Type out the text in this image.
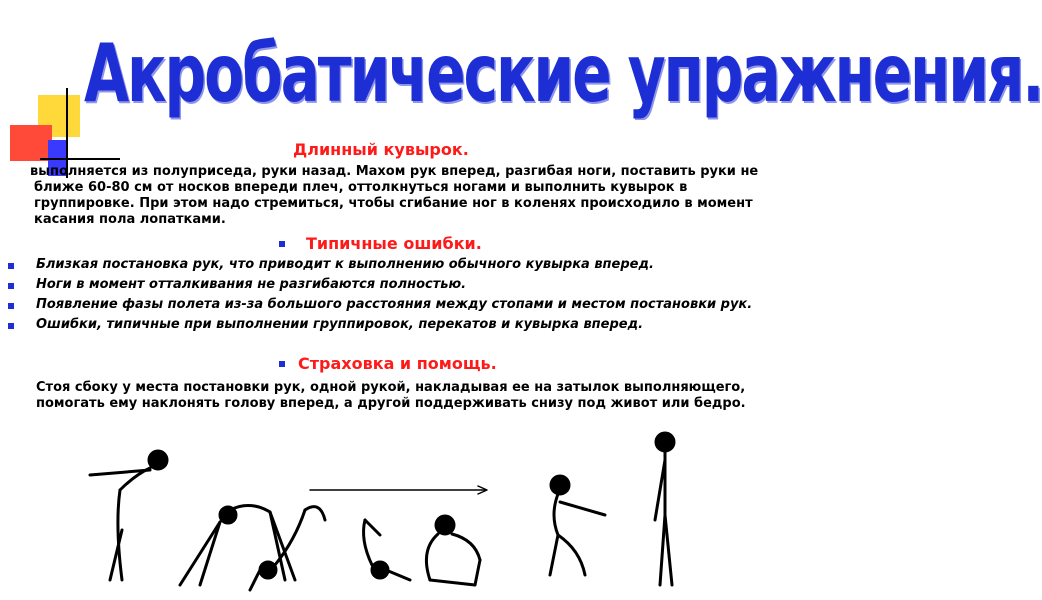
Акробатические упражнения.
Длинный кувырок.

выполняется из полуприседа, руки назад. Махом рук вперед, разгибая ноги, поставить руки не ближе 60-80 см от носков впереди плеч, оттолкнуться ногами и выполнить кувырок в группировке. При этом надо стремиться, чтобы сгибание ног в коленях происходило в момент касания пола лопатками.

Типичные ошибки.
Близкая постановка рук, что приводит к выполнению обычного кувырка вперед.
Ноги в момент отталкивания не разгибаются полностью.
Появление фазы полета из-за большого расстояния между стопами и местом постановки рук.
Ошибки, типичные при выполнении группировок, перекатов и кувырка вперед.
Страховка и помощь.

Стоя сбоку у места постановки рук, одной рукой, накладывая ее на затылок выполняющего, помогать ему наклонять голову вперед, а другой поддерживать снизу под живот или бедро.
